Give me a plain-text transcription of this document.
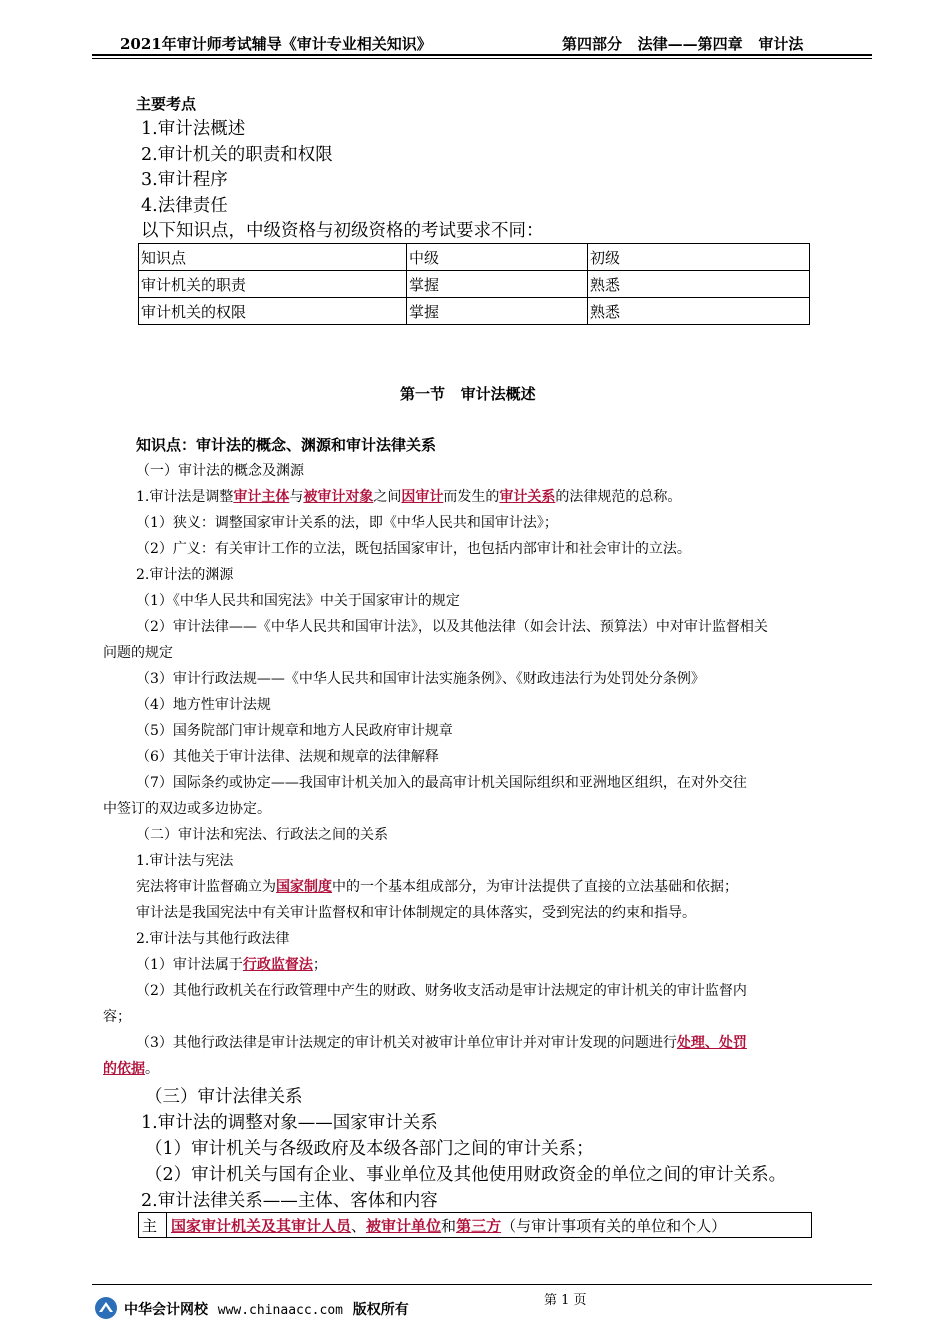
2021年审计师考试辅导《审计专业相关知识》	第四部分   法律——第四章   审计法
主要考点
1.审计法概述
2.审计机关的职责和权限
3.审计程序
4.法律责任
以下知识点，中级资格与初级资格的考试要求不同：
知识点	中级	初级
审计机关的职责	掌握	熟悉
审计机关的权限	掌握	熟悉
第一节   审计法概述
知识点：审计法的概念、渊源和审计法律关系
（一）审计法的概念及渊源
1.审计法是调整审计主体与被审计对象之间因审计而发生的审计关系的法律规范的总称。
（1）狭义：调整国家审计关系的法，即《中华人民共和国审计法》；
（2）广义：有关审计工作的立法，既包括国家审计，也包括内部审计和社会审计的立法。
2.审计法的渊源
（1）《中华人民共和国宪法》中关于国家审计的规定
（2）审计法律——《中华人民共和国审计法》，以及其他法律（如会计法、预算法）中对审计监督相关
问题的规定
（3）审计行政法规——《中华人民共和国审计法实施条例》、《财政违法行为处罚处分条例》
（4）地方性审计法规
（5）国务院部门审计规章和地方人民政府审计规章
（6）其他关于审计法律、法规和规章的法律解释
（7）国际条约或协定——我国审计机关加入的最高审计机关国际组织和亚洲地区组织，在对外交往
中签订的双边或多边协定。
（二）审计法和宪法、行政法之间的关系
1.审计法与宪法
宪法将审计监督确立为国家制度中的一个基本组成部分，为审计法提供了直接的立法基础和依据；
审计法是我国宪法中有关审计监督权和审计体制规定的具体落实，受到宪法的约束和指导。
2.审计法与其他行政法律
（1）审计法属于行政监督法；
（2）其他行政机关在行政管理中产生的财政、财务收支活动是审计法规定的审计机关的审计监督内
容；
（3）其他行政法律是审计法规定的审计机关对被审计单位审计并对审计发现的问题进行处理、处罚
的依据。
（三）审计法律关系
1.审计法的调整对象——国家审计关系
（1）审计机关与各级政府及本级各部门之间的审计关系；
（2）审计机关与国有企业、事业单位及其他使用财政资金的单位之间的审计关系。
2.审计法律关系——主体、客体和内容
主 国家审计机关及其审计人员、被审计单位和第三方（与审计事项有关的单位和个人）
第 1 页
中华会计网校 www.chinaacc.com 版权所有
